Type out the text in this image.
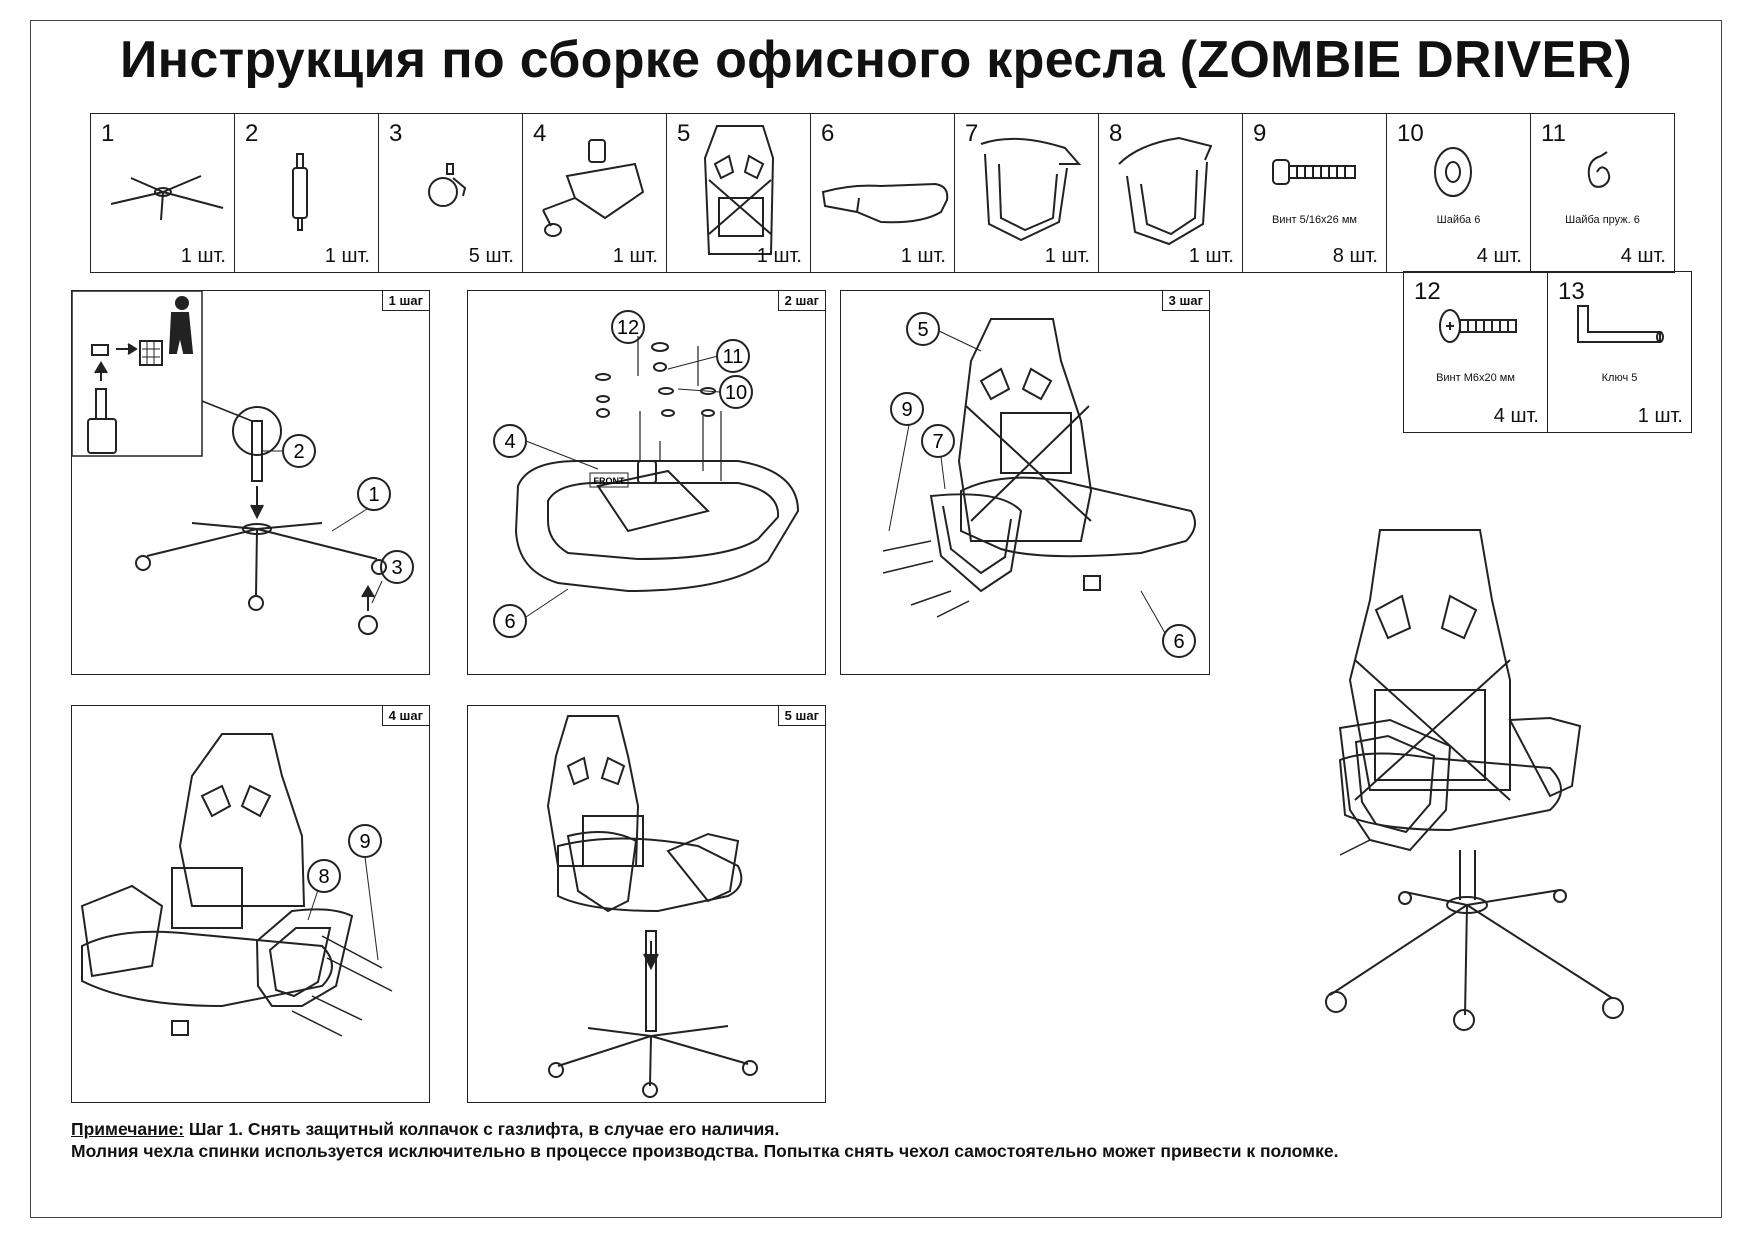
Инструкция по сборке офисного кресла (ZOMBIE DRIVER)
1
1 шт.

2
1 шт.

3
5 шт.

4
1 шт.

5
1 шт.

6
1 шт.

7
1 шт.

8
1 шт.

9
Винт 5/16x26 мм
8 шт.

10
Шайба 6
4 шт.

11
Шайба пруж. 6
4 шт.
12
Винт М6x20 мм
4 шт.

13
Ключ 5
1 шт.
1 шаг
2
1
3
2 шаг
FRONT
12
11
10
4
6
3 шаг
5
9
7
6
4 шаг
9
8
5 шаг
Примечание: Шаг 1. Снять защитный колпачок с газлифта, в случае его наличия.
Молния чехла спинки используется исключительно в процессе производства. Попытка снять чехол самостоятельно может привести к поломке.
